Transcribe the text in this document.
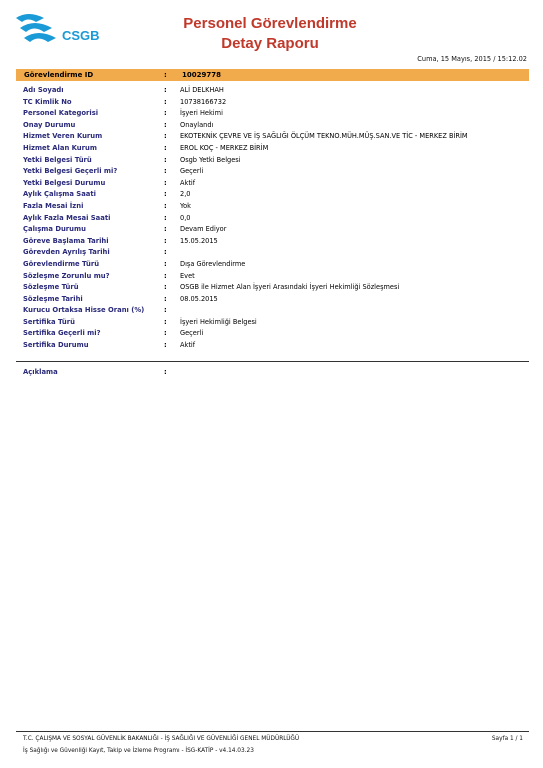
CSGB
Personel Görevlendirme
Detay Raporu
Cuma, 15 Mayıs, 2015 / 15:12.02
Görevlendirme ID	: 10029778
Adı Soyadı	: ALİ DELKHAH
TC Kimlik No	: 10738166732
Personel Kategorisi	: İşyeri Hekimi
Onay Durumu	: Onaylandı
Hizmet Veren Kurum	: EKOTEKNİK ÇEVRE VE İŞ SAĞLIĞI ÖLÇÜM TEKNO.MÜH.MÜŞ.SAN.VE TİC - MERKEZ BİRİM
Hizmet Alan Kurum	: EROL KOÇ - MERKEZ BİRİM
Yetki Belgesi Türü	: Osgb Yetki Belgesi
Yetki Belgesi Geçerli mi?	: Geçerli
Yetki Belgesi Durumu	: Aktif
Aylık Çalışma Saati	: 2,0
Fazla Mesai İzni	: Yok
Aylık Fazla Mesai Saati	: 0,0
Çalışma Durumu	: Devam Ediyor
Göreve Başlama Tarihi	: 15.05.2015
Görevden Ayrılış Tarihi	:
Görevlendirme Türü	: Dışa Görevlendirme
Sözleşme Zorunlu mu?	: Evet
Sözleşme Türü	: OSGB ile Hizmet Alan İşyeri Arasındaki İşyeri Hekimliği Sözleşmesi
Sözleşme Tarihi	: 08.05.2015
Kurucu Ortaksa Hisse Oranı (%)	:
Sertifika Türü	: İşyeri Hekimliği Belgesi
Sertifika Geçerli mi?	: Geçerli
Sertifika Durumu	: Aktif
Açıklama	:
T.C. ÇALIŞMA VE SOSYAL GÜVENLİK BAKANLIĞI - İŞ SAĞLIĞI VE GÜVENLİĞİ GENEL MÜDÜRLÜĞÜ
İş Sağlığı ve Güvenliği Kayıt, Takip ve İzleme Programı - İSG-KATİP - v4.14.03.23
Sayfa 1 / 1
